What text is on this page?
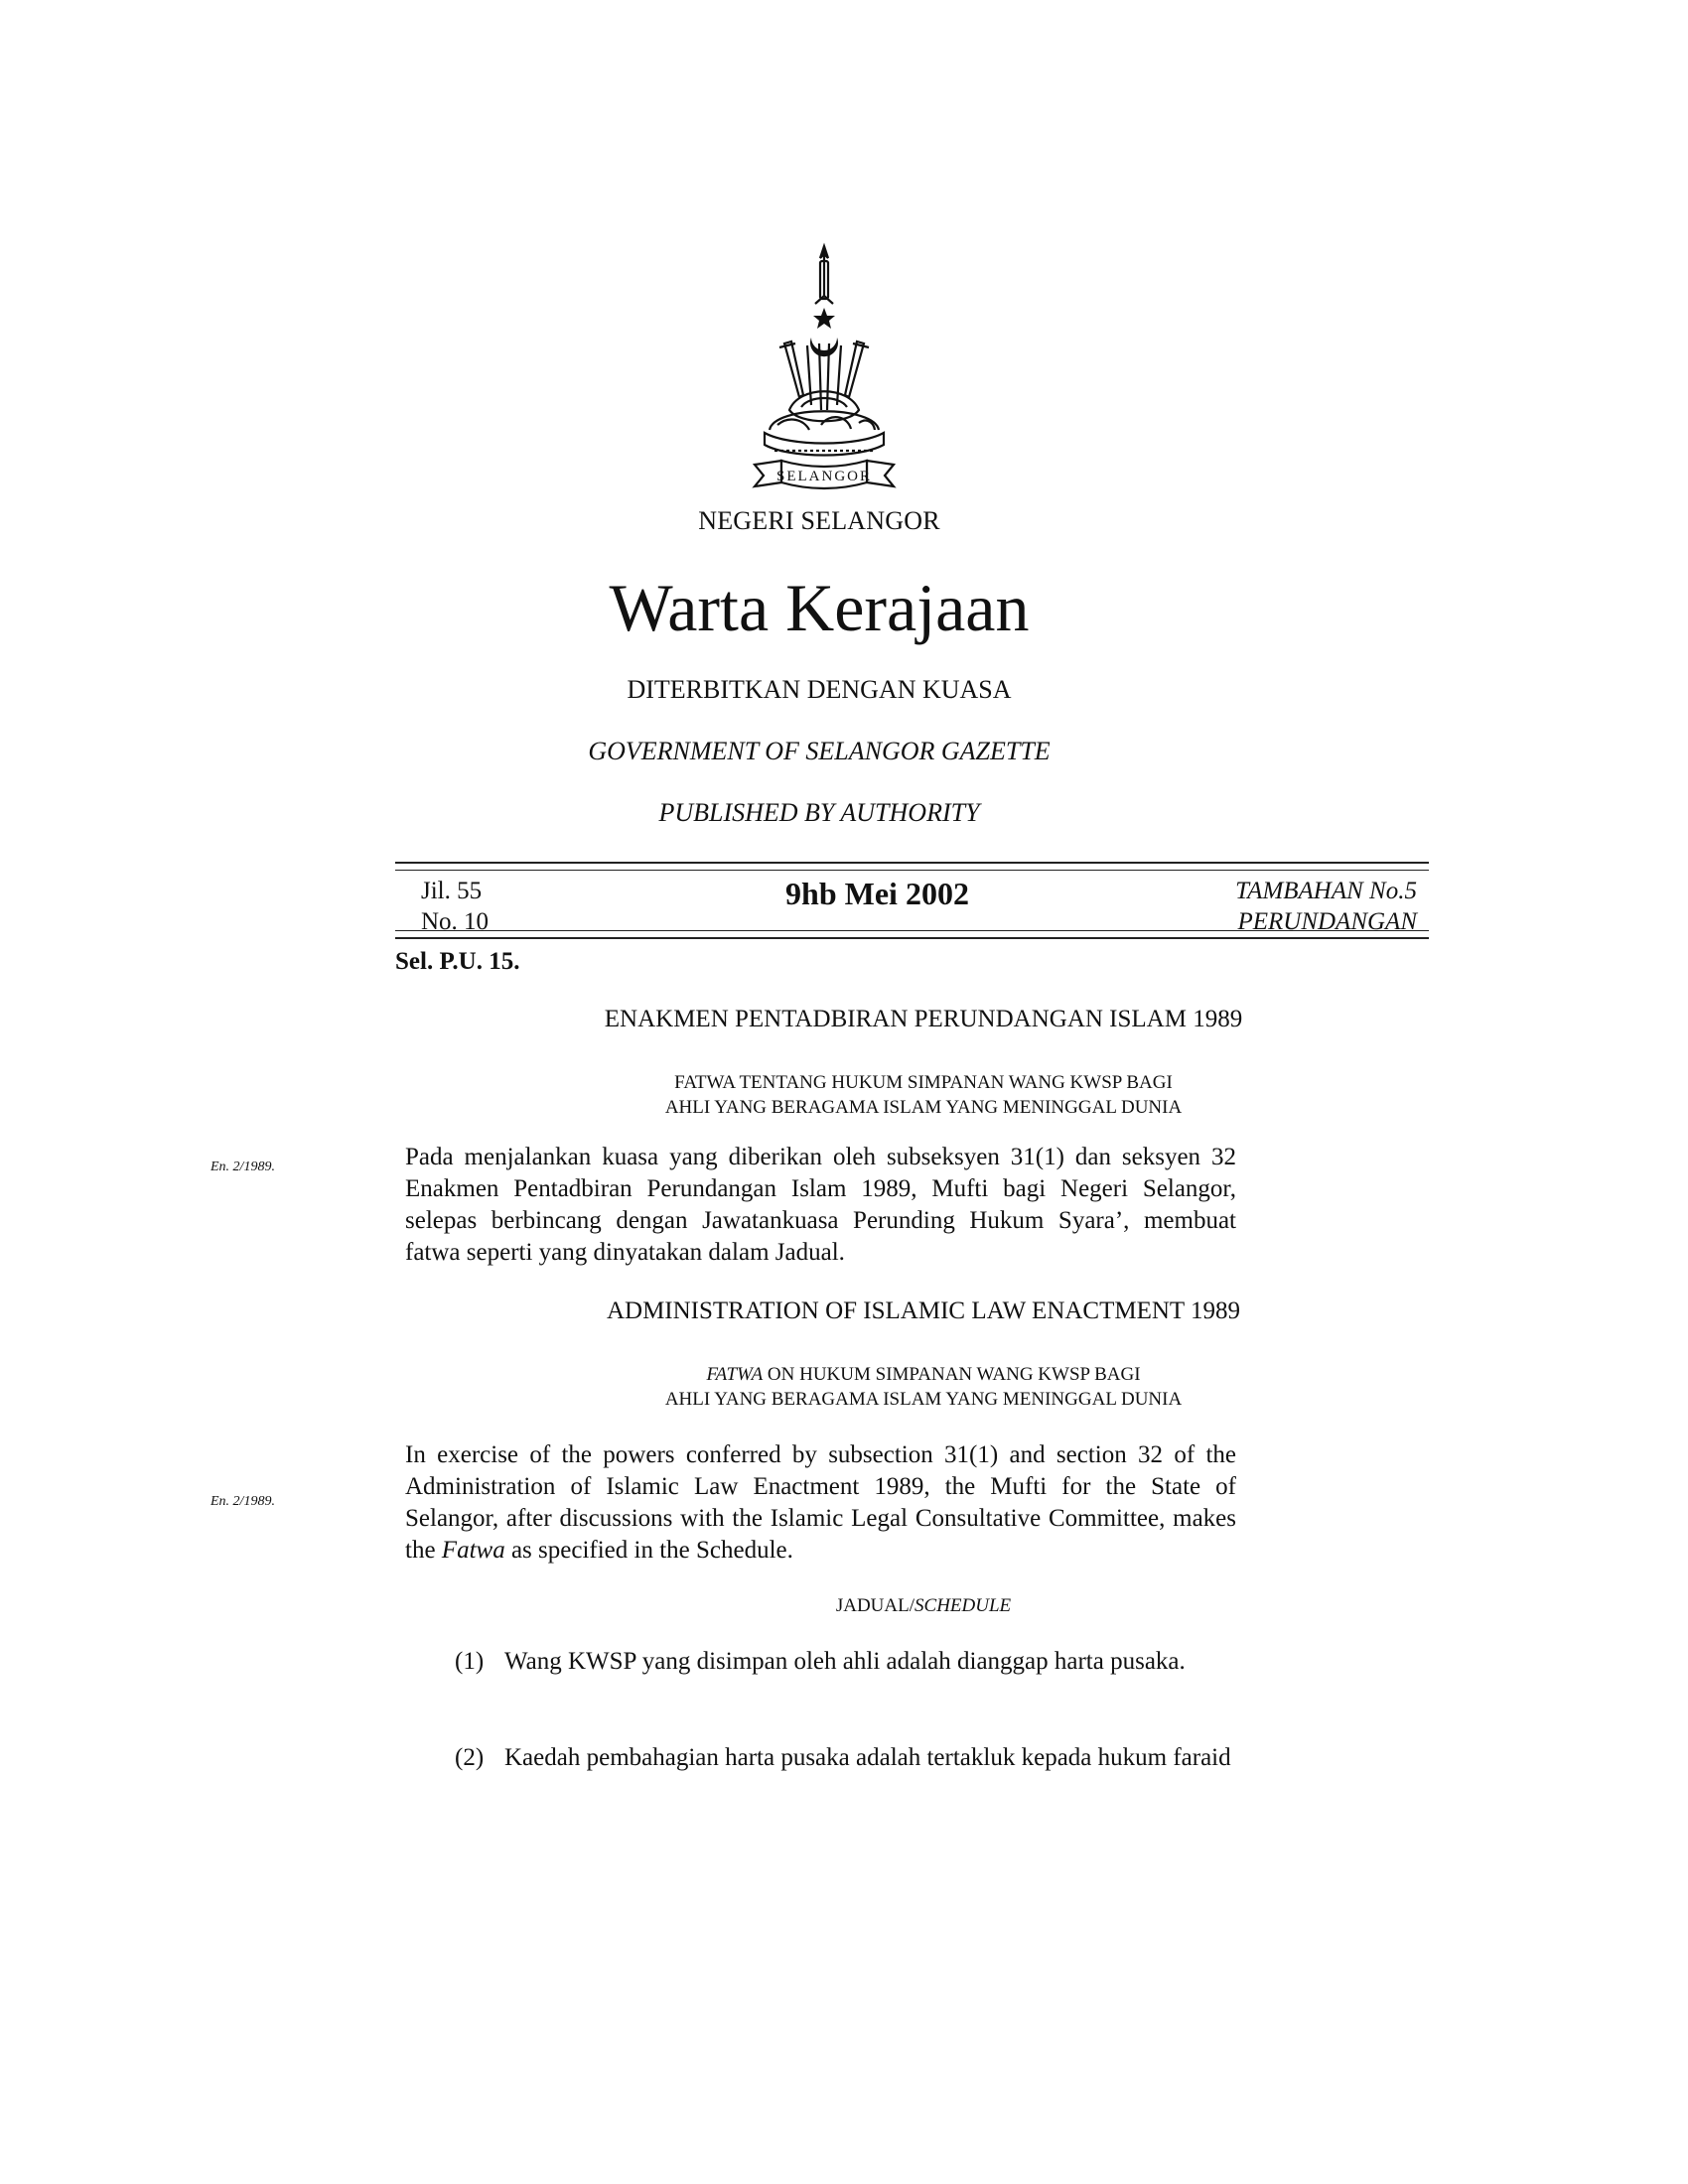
SELANGOR
NEGERI SELANGOR
Warta Kerajaan
DITERBITKAN DENGAN KUASA
GOVERNMENT OF SELANGOR GAZETTE
PUBLISHED BY AUTHORITY
Jil. 55
No. 10
9hb Mei 2002	TAMBAHAN No.5
PERUNDANGAN
Sel. P.U. 15.
ENAKMEN PENTADBIRAN PERUNDANGAN ISLAM 1989
FATWA TENTANG HUKUM SIMPANAN WANG KWSP BAGI
AHLI YANG BERAGAMA ISLAM YANG MENINGGAL DUNIA
En. 2/1989.	Pada menjalankan kuasa yang diberikan oleh subseksyen 31(1) dan seksyen 32 Enakmen Pentadbiran Perundangan Islam 1989, Mufti bagi Negeri Selangor, selepas berbincang dengan Jawatankuasa Perunding Hukum Syara’, membuat fatwa seperti yang dinyatakan dalam Jadual.
ADMINISTRATION OF ISLAMIC LAW ENACTMENT 1989
FATWA ON HUKUM SIMPANAN WANG KWSP BAGI
AHLI YANG BERAGAMA ISLAM YANG MENINGGAL DUNIA
En. 2/1989.
In exercise of the powers conferred by subsection 31(1) and section 32 of the Administration of Islamic Law Enactment 1989, the Mufti for the State of Selangor, after discussions with the Islamic Legal Consultative Committee, makes the Fatwa as specified in the Schedule.
JADUAL/SCHEDULE
(1) Wang KWSP yang disimpan oleh ahli adalah dianggap harta pusaka.
(2) Kaedah pembahagian harta pusaka adalah tertakluk kepada hukum faraid
